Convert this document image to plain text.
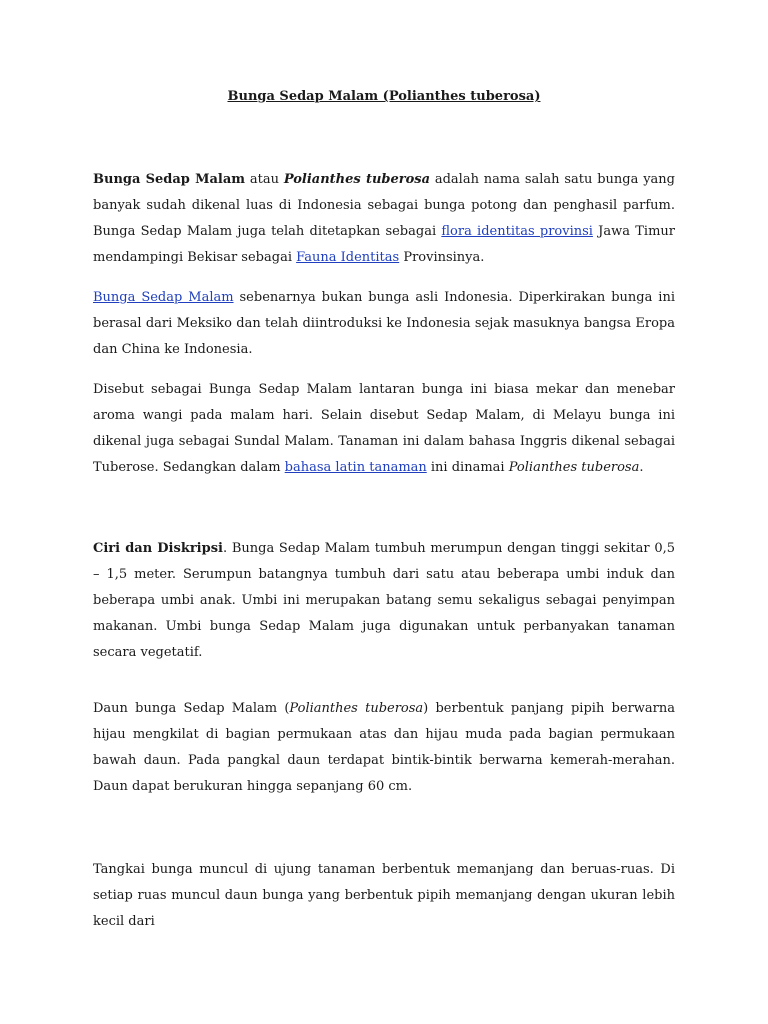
Bunga Sedap Malam (Polianthes tuberosa)

Bunga Sedap Malam atau Polianthes tuberosa adalah nama salah satu bunga yang banyak sudah dikenal luas di Indonesia sebagai bunga potong dan penghasil parfum. Bunga Sedap Malam juga telah ditetapkan sebagai flora identitas provinsi Jawa Timur mendampingi Bekisar sebagai Fauna Identitas Provinsinya.

Bunga Sedap Malam sebenarnya bukan bunga asli Indonesia. Diperkirakan bunga ini berasal dari Meksiko dan telah diintroduksi ke Indonesia sejak masuknya bangsa Eropa dan China ke Indonesia.

Disebut sebagai Bunga Sedap Malam lantaran bunga ini biasa mekar dan menebar aroma wangi pada malam hari. Selain disebut Sedap Malam, di Melayu bunga ini dikenal juga sebagai Sundal Malam. Tanaman ini dalam bahasa Inggris dikenal sebagai Tuberose. Sedangkan dalam bahasa latin tanaman ini dinamai Polianthes tuberosa.

Ciri dan Diskripsi. Bunga Sedap Malam tumbuh merumpun dengan tinggi sekitar 0,5 – 1,5 meter. Serumpun batangnya tumbuh dari satu atau beberapa umbi induk dan beberapa umbi anak. Umbi ini merupakan batang semu sekaligus sebagai penyimpan makanan. Umbi bunga Sedap Malam juga digunakan untuk perbanyakan tanaman secara vegetatif.

Daun bunga Sedap Malam (Polianthes tuberosa) berbentuk panjang pipih berwarna hijau mengkilat di bagian permukaan atas dan hijau muda pada bagian permukaan bawah daun. Pada pangkal daun terdapat bintik-bintik berwarna kemerah-merahan. Daun dapat berukuran hingga sepanjang 60 cm.

Tangkai bunga muncul di ujung tanaman berbentuk memanjang dan beruas-ruas. Di setiap ruas muncul daun bunga yang berbentuk pipih memanjang dengan ukuran lebih kecil dari
